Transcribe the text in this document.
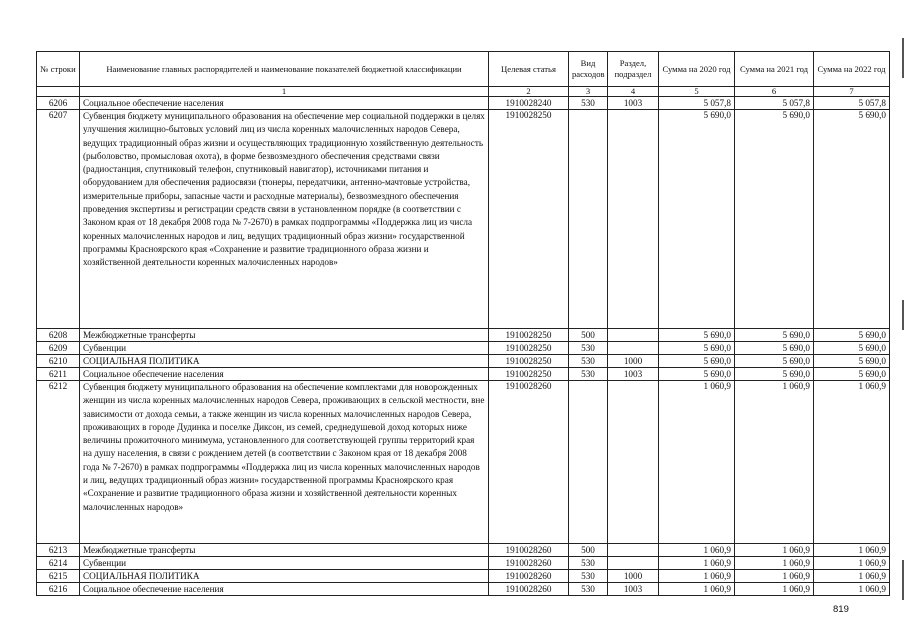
№ строки	Наименование главных распорядителей и наименование показателей бюджетной классификации	Целевая статья	Вид расходов	Раздел, подраздел	Сумма на 2020 год	Сумма на 2021 год	Сумма на 2022 год
	1	2	3	4	5	6	7
6206	Социальное обеспечение населения	1910028240	530	1003	5 057,8	5 057,8	5 057,8
6207	Субвенция бюджету муниципального образования на обеспечение мер социальной поддержки в целях улучшения жилищно-бытовых условий лиц из числа коренных малочисленных народов Севера, ведущих традиционный образ жизни и осуществляющих традиционную хозяйственную деятельность (рыболовство, промысловая охота), в форме безвозмездного обеспечения средствами связи (радиостанция, спутниковый телефон, спутниковый навигатор), источниками питания и оборудованием для обеспечения радиосвязи (тюнеры, передатчики, антенно-мачтовые устройства, измерительные приборы, запасные части и расходные материалы), безвозмездного обеспечения проведения экспертизы и регистрации средств связи в установленном порядке (в соответствии с Законом края от 18 декабря 2008 года № 7-2670) в рамках подпрограммы «Поддержка лиц из числа коренных малочисленных народов и лиц, ведущих традиционный образ жизни» государственной программы Красноярского края «Сохранение и развитие традиционного образа жизни и хозяйственной деятельности коренных малочисленных народов»	1910028250			5 690,0	5 690,0	5 690,0
6208	Межбюджетные трансферты	1910028250	500		5 690,0	5 690,0	5 690,0
6209	Субвенции	1910028250	530		5 690,0	5 690,0	5 690,0
6210	СОЦИАЛЬНАЯ ПОЛИТИКА	1910028250	530	1000	5 690,0	5 690,0	5 690,0
6211	Социальное обеспечение населения	1910028250	530	1003	5 690,0	5 690,0	5 690,0
6212	Субвенция бюджету муниципального образования на обеспечение комплектами для новорожденных женщин из числа коренных малочисленных народов Севера, проживающих в сельской местности, вне зависимости от дохода семьи, а также женщин из числа коренных малочисленных народов Севера, проживающих в городе Дудинка и поселке Диксон, из семей, среднедушевой доход которых ниже величины прожиточного минимума, установленного для соответствующей группы территорий края на душу населения, в связи с рождением детей (в соответствии с Законом края от 18 декабря 2008 года № 7-2670) в рамках подпрограммы «Поддержка лиц из числа коренных малочисленных народов и лиц, ведущих традиционный образ жизни» государственной программы Красноярского края «Сохранение и развитие традиционного образа жизни и хозяйственной деятельности коренных малочисленных народов»	1910028260			1 060,9	1 060,9	1 060,9
6213	Межбюджетные трансферты	1910028260	500		1 060,9	1 060,9	1 060,9
6214	Субвенции	1910028260	530		1 060,9	1 060,9	1 060,9
6215	СОЦИАЛЬНАЯ ПОЛИТИКА	1910028260	530	1000	1 060,9	1 060,9	1 060,9
6216	Социальное обеспечение населения	1910028260	530	1003	1 060,9	1 060,9	1 060,9
819
